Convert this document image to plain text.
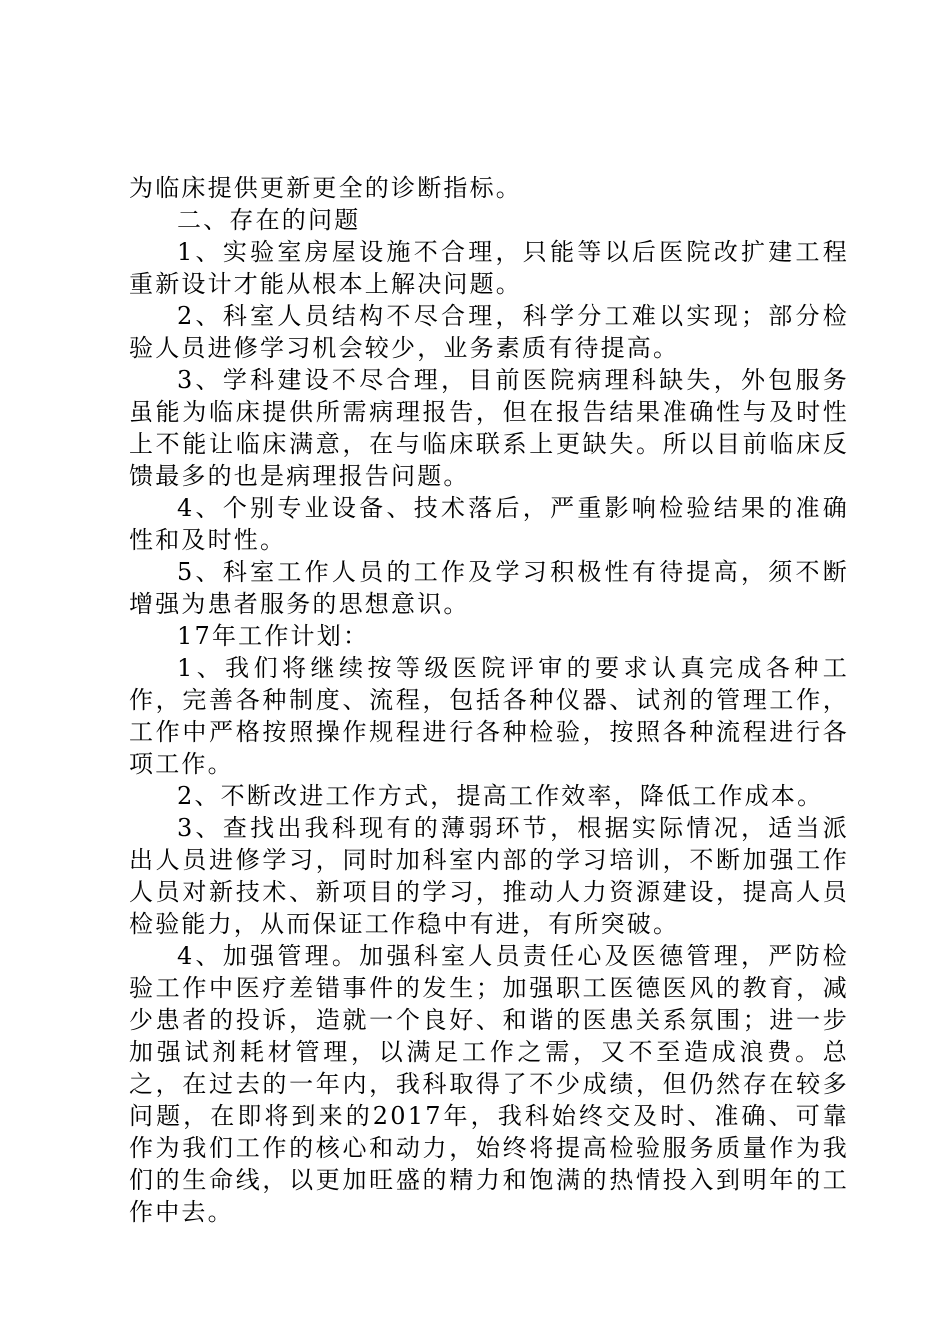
为临床提供更新更全的诊断指标。

二、存在的问题

1、实验室房屋设施不合理，只能等以后医院改扩建工程重新设计才能从根本上解决问题。

2、科室人员结构不尽合理，科学分工难以实现；部分检验人员进修学习机会较少，业务素质有待提高。

3、学科建设不尽合理，目前医院病理科缺失，外包服务虽能为临床提供所需病理报告，但在报告结果准确性与及时性上不能让临床满意，在与临床联系上更缺失。所以目前临床反馈最多的也是病理报告问题。

4、个别专业设备、技术落后，严重影响检验结果的准确性和及时性。

5、科室工作人员的工作及学习积极性有待提高，须不断增强为患者服务的思想意识。

17年工作计划：

1、我们将继续按等级医院评审的要求认真完成各种工作，完善各种制度、流程，包括各种仪器、试剂的管理工作，工作中严格按照操作规程进行各种检验，按照各种流程进行各项工作。

2、不断改进工作方式，提高工作效率，降低工作成本。

3、查找出我科现有的薄弱环节，根据实际情况，适当派出人员进修学习，同时加科室内部的学习培训，不断加强工作人员对新技术、新项目的学习，推动人力资源建设，提高人员检验能力，从而保证工作稳中有进，有所突破。

4、加强管理。加强科室人员责任心及医德管理，严防检验工作中医疗差错事件的发生；加强职工医德医风的教育，减少患者的投诉，造就一个良好、和谐的医患关系氛围；进一步加强试剂耗材管理，以满足工作之需，又不至造成浪费。总之，在过去的一年内，我科取得了不少成绩，但仍然存在较多问题，在即将到来的2017年，我科始终交及时、准确、可靠作为我们工作的核心和动力，始终将提高检验服务质量作为我们的生命线，以更加旺盛的精力和饱满的热情投入到明年的工作中去。
